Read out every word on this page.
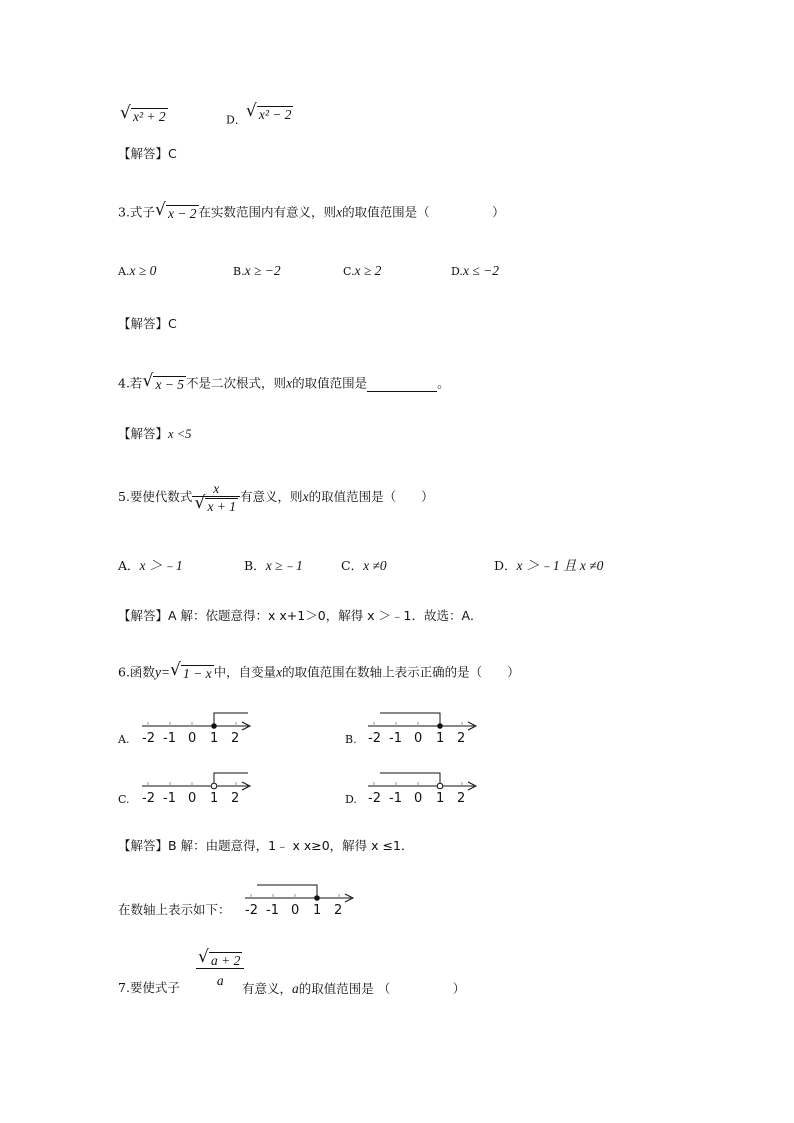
√ x² + 2	D． √ x² − 2
【解答】C
3.式子 √ x − 2 在实数范围内有意义，则x的取值范围是（　　　　　）
A.x ≥ 0	B.x ≥ −2	C.x ≥ 2	D.x ≤ −2
【解答】C
4.若 √ x − 5 不是二次根式，则x的取值范围是	。
【解答】x <5
5.要使代数式 $\frac{x}{√ x + 1}$ 有意义，则x的取值范围是（　　）
A．x ＞﹣1	B．x ≥﹣1	C．x ≠0	D．x ＞﹣1 且 x ≠0
【解答】A 解：依题意得：x x+1＞0，解得 x ＞﹣1．故选：A．
6.函数y= √ 1 − x 中，自变量x的取值范围在数轴上表示正确的是（　　）
A. -2 -1 0 1 2	B. -2 -1 0 1 2
C. -2 -1 0 1 2	D. -2 -1 0 1 2
【解答】B 解：由题意得，1﹣ x x≥0，解得 x ≤1．
在数轴上表示如下： -2 -1 0 1 2
7.要使式子
$\frac{√ a + 2}{a}$
有意义，a的取值范围是 （　　　　　）
